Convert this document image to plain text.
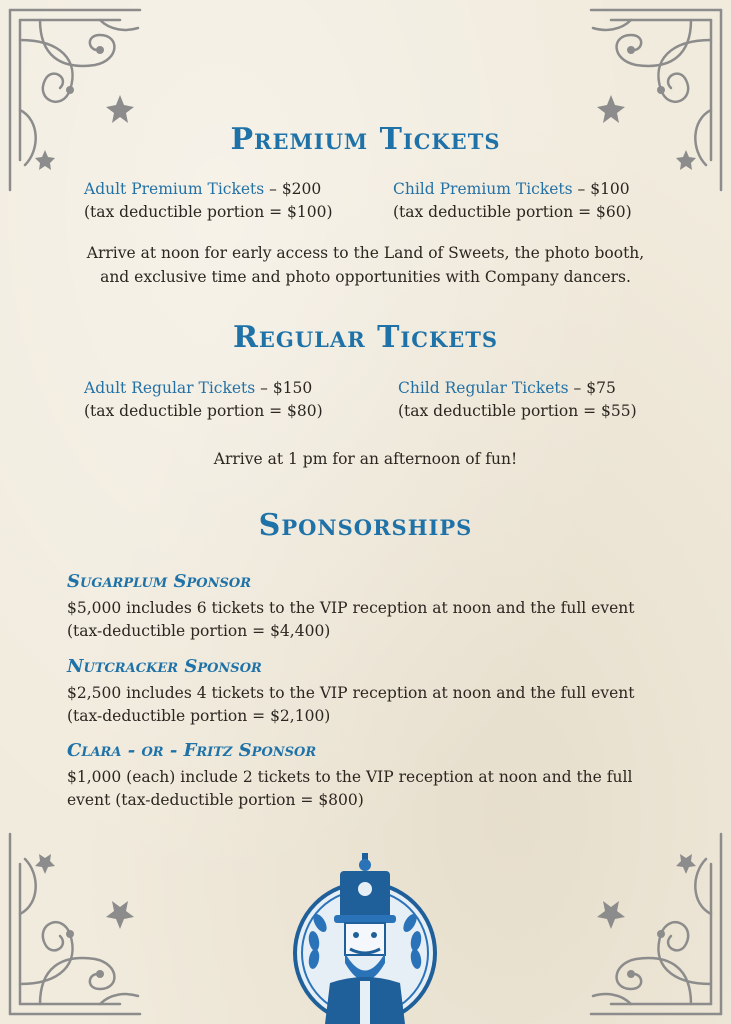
Premium Tickets
Adult Premium Tickets – $200
(tax deductible portion = $100)
Child Premium Tickets – $100
(tax deductible portion = $60)
Arrive at noon for early access to the Land of Sweets, the photo booth,
and exclusive time and photo opportunities with Company dancers.
Regular Tickets
Adult Regular Tickets – $150
(tax deductible portion = $80)
Child Regular Tickets – $75
(tax deductible portion = $55)
Arrive at 1 pm for an afternoon of fun!
Sponsorships
Sugarplum Sponsor
$5,000 includes 6 tickets to the VIP reception at noon and the full event
(tax-deductible portion = $4,400)
Nutcracker Sponsor
$2,500 includes 4 tickets to the VIP reception at noon and the full event
(tax-deductible portion = $2,100)
Clara - or - Fritz Sponsor
$1,000 (each) include 2 tickets to the VIP reception at noon and the full
event (tax-deductible portion = $800)
